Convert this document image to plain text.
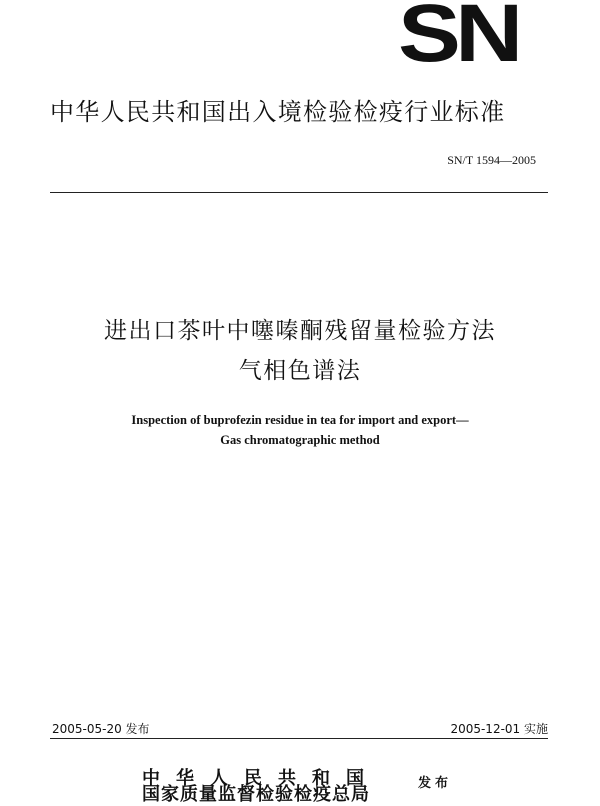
SN
中华人民共和国出入境检验检疫行业标准
SN/T 1594—2005
进出口茶叶中噻嗪酮残留量检验方法
气相色谱法
Inspection of buprofezin residue in tea for import and export—
Gas chromatographic method
2005-05-20 发布	2005-12-01 实施
中华人民共和国
国家质量监督检验检疫总局
发布
